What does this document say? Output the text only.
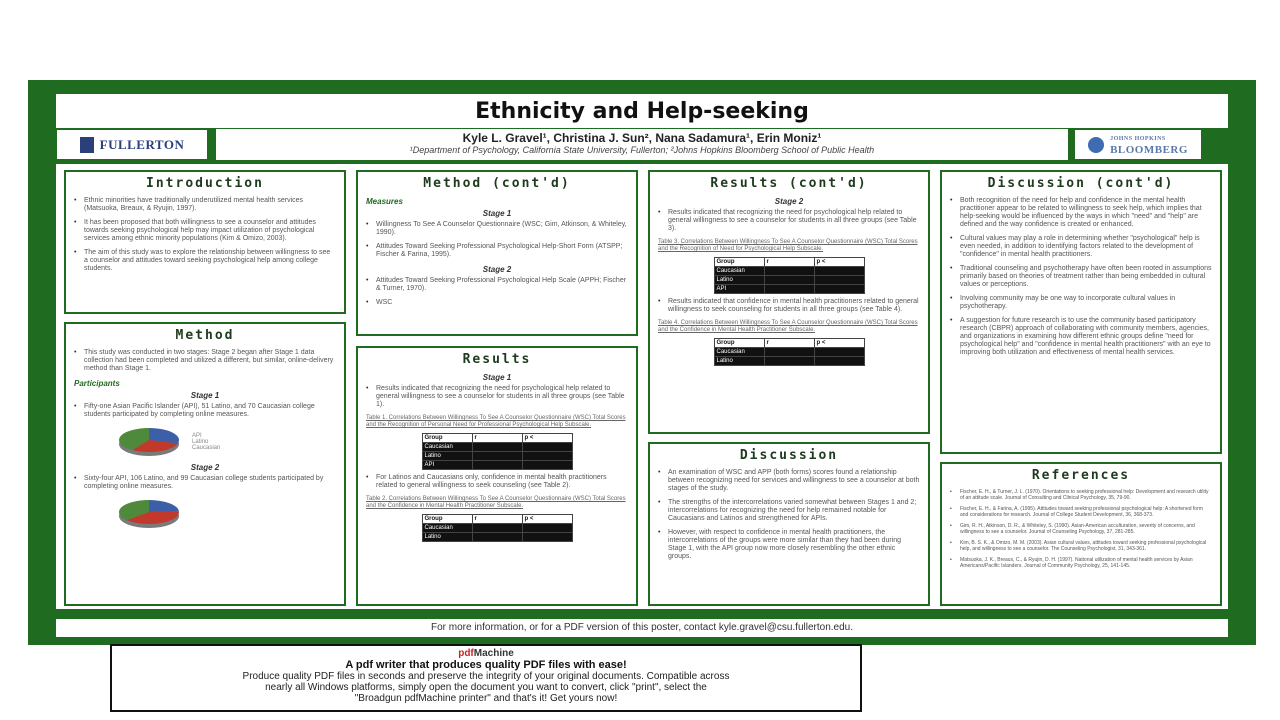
Ethnicity and Help-seeking
FULLERTON	Kyle L. Gravel¹, Christina J. Sun², Nana Sadamura¹, Erin Moniz¹
¹Department of Psychology, California State University, Fullerton; ²Johns Hopkins Bloomberg School of Public Health
JOHNS HOPKINS
BLOOMBERG
Introduction
• Ethnic minorities have traditionally underutilized mental health services (Matsuoka, Breaux, & Ryujin, 1997).
• It has been proposed that both willingness to see a counselor and attitudes towards seeking psychological help may impact utilization of psychological services among ethnic minority populations (Kim & Omizo, 2003).
• The aim of this study was to explore the relationship between willingness to see a counselor and attitudes toward seeking psychological help among college students.
Method
• This study was conducted in two stages: Stage 2 began after Stage 1 data collection had been completed and utilized a different, but similar, online-delivery method than Stage 1.
Participants
Stage 1
• Fifty-one Asian Pacific Islander (API), 51 Latino, and 70 Caucasian college students participated by completing online measures.
API
Latino
Caucasian
Stage 2
• Sixty-four API, 106 Latino, and 99 Caucasian college students participated by completing online measures.
Method (cont'd)
Measures
Stage 1
• Willingness To See A Counselor Questionnaire (WSC; Gim, Atkinson, & Whiteley, 1990).
• Attitudes Toward Seeking Professional Psychological Help-Short Form (ATSPP; Fischer & Farina, 1995).
Stage 2
• Attitudes Toward Seeking Professional Psychological Help Scale (APPH; Fischer & Turner, 1970).
• WSC
Results
Stage 1
• Results indicated that recognizing the need for psychological help related to general willingness to see a counselor for students in all three groups (see Table 1).
Table 1. Correlations Between Willingness To See A Counselor Questionnaire (WSC) Total Scores and the Recognition of Personal Need for Professional Psychological Help Subscale.
Group	r	p <
Caucasian		
Latino		
API		
• For Latinos and Caucasians only, confidence in mental health practitioners related to general willingness to seek counseling (see Table 2).
Table 2. Correlations Between Willingness To See A Counselor Questionnaire (WSC) Total Scores and the Confidence in Mental Health Practitioner Subscale.
Group	r	p <
Caucasian		
Latino		
Results (cont'd)
Stage 2
• Results indicated that recognizing the need for psychological help related to general willingness to see a counselor for students in all three groups (see Table 3).
Table 3. Correlations Between Willingness To See A Counselor Questionnaire (WSC) Total Scores and the Recognition of Need for Psychological Help Subscale.
Group	r	p <
Caucasian		
Latino		
API		
• Results indicated that confidence in mental health practitioners related to general willingness to seek counseling for students in all three groups (see Table 4).
Table 4. Correlations Between Willingness To See A Counselor Questionnaire (WSC) Total Scores and the Confidence in Mental Health Practitioner Subscale.
Group	r	p <
Caucasian		
Latino		
Discussion
• An examination of WSC and APP (both forms) scores found a relationship between recognizing need for services and willingness to see a counselor at both stages of the study.
• The strengths of the intercorrelations varied somewhat between Stages 1 and 2; intercorrelations for recognizing the need for help remained notable for Caucasians and Latinos and strengthened for APIs.
• However, with respect to confidence in mental health practitioners, the intercorrelations of the groups were more similar than they had been during Stage 1, with the API group now more closely resembling the other ethnic groups.
Discussion (cont'd)
• Both recognition of the need for help and confidence in the mental health practitioner appear to be related to willingness to seek help, which implies that help-seeking would be influenced by the ways in which "need" and "help" are defined and the way confidence is created or enhanced.
• Cultural values may play a role in determining whether "psychological" help is even needed, in addition to identifying factors related to the development of "confidence" in mental health practitioners.
• Traditional counseling and psychotherapy have often been rooted in assumptions primarily based on theories of treatment rather than being embedded in cultural values or perceptions.
• Involving community may be one way to incorporate cultural values in psychotherapy.
• A suggestion for future research is to use the community based participatory research (CBPR) approach of collaborating with community members, agencies, and organizations in examining how different ethnic groups define "need for psychological help" and "confidence in mental health practitioners" with an eye to improving both utilization and effectiveness of mental health services.
References
• Fischer, E. H., & Turner, J. L. (1970). Orientations to seeking professional help: Development and research utility of an attitude scale. Journal of Consulting and Clinical Psychology, 35, 79-90.
• Fischer, E. H., & Farina, A. (1995). Attitudes toward seeking professional psychological help: A shortened form and considerations for research. Journal of College Student Development, 36, 368-373.
• Gim, R. H., Atkinson, D. R., & Whiteley, S. (1990). Asian-American acculturation, severity of concerns, and willingness to see a counselor. Journal of Counseling Psychology, 37, 281-285.
• Kim, B. S. K., & Omizo, M. M. (2003). Asian cultural values, attitudes toward seeking professional psychological help, and willingness to see a counselor. The Counseling Psychologist, 31, 343-361.
• Matsuoka, J. K., Breaux, C., & Ryujin, D. H. (1997). National utilization of mental health services by Asian Americans/Pacific Islanders. Journal of Community Psychology, 25, 141-145.
For more information, or for a PDF version of this poster, contact kyle.gravel@csu.fullerton.edu.
pdfMachine
A pdf writer that produces quality PDF files with ease!
Produce quality PDF files in seconds and preserve the integrity of your original documents. Compatible across
nearly all Windows platforms, simply open the document you want to convert, click "print", select the
"Broadgun pdfMachine printer" and that's it! Get yours now!
